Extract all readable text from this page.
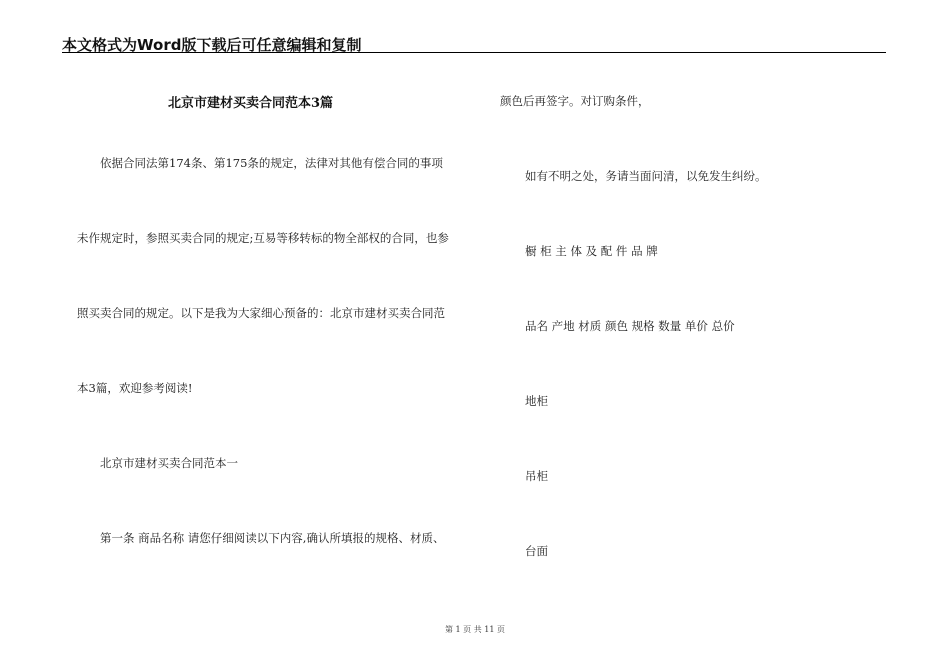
本文格式为Word版下载后可任意编辑和复制
北京市建材买卖合同范本3篇
依据合同法第174条、第175条的规定，法律对其他有偿合同的事项
未作规定时，参照买卖合同的规定;互易等移转标的物全部权的合同，也参
照买卖合同的规定。以下是我为大家细心预备的：北京市建材买卖合同范
本3篇，欢迎参考阅读!
北京市建材买卖合同范本一
第一条 商品名称 请您仔细阅读以下内容,确认所填报的规格、材质、
颜色后再签字。对订购条件，
如有不明之处，务请当面问清，以免发生纠纷。
橱 柜 主 体 及 配 件 品 牌
品名 产地 材质 颜色 规格 数量 单价 总价
地柜
吊柜
台面
第 1 页 共 11 页
